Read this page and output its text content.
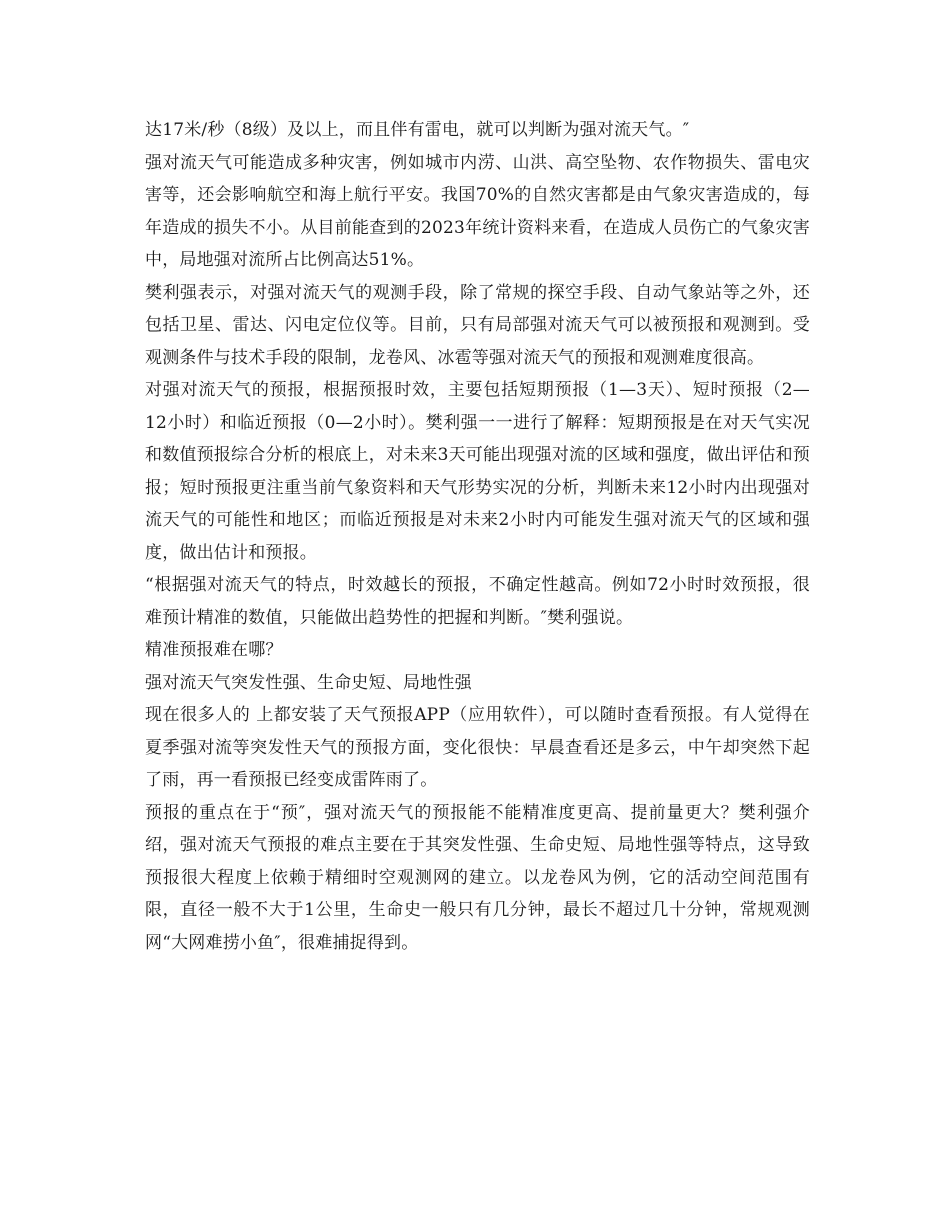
达17米/秒（8级）及以上，而且伴有雷电，就可以判断为强对流天气。″

强对流天气可能造成多种灾害，例如城市内涝、山洪、高空坠物、农作物损失、雷电灾害等，还会影响航空和海上航行平安。我国70%的自然灾害都是由气象灾害造成的，每年造成的损失不小。从目前能查到的2023年统计资料来看，在造成人员伤亡的气象灾害中，局地强对流所占比例高达51%。

樊利强表示，对强对流天气的观测手段，除了常规的探空手段、自动气象站等之外，还包括卫星、雷达、闪电定位仪等。目前，只有局部强对流天气可以被预报和观测到。受观测条件与技术手段的限制，龙卷风、冰雹等强对流天气的预报和观测难度很高。

对强对流天气的预报，根据预报时效，主要包括短期预报（1—3天）、短时预报（2—12小时）和临近预报（0—2小时）。樊利强一一进行了解释：短期预报是在对天气实况和数值预报综合分析的根底上，对未来3天可能出现强对流的区域和强度，做出评估和预报；短时预报更注重当前气象资料和天气形势实况的分析，判断未来12小时内出现强对流天气的可能性和地区；而临近预报是对未来2小时内可能发生强对流天气的区域和强度，做出估计和预报。

“根据强对流天气的特点，时效越长的预报，不确定性越高。例如72小时时效预报，很难预计精准的数值，只能做出趋势性的把握和判断。″樊利强说。

精准预报难在哪？

强对流天气突发性强、生命史短、局地性强

现在很多人的 上都安装了天气预报APP（应用软件），可以随时查看预报。有人觉得在夏季强对流等突发性天气的预报方面，变化很快：早晨查看还是多云，中午却突然下起了雨，再一看预报已经变成雷阵雨了。

预报的重点在于“预″，强对流天气的预报能不能精准度更高、提前量更大？樊利强介绍，强对流天气预报的难点主要在于其突发性强、生命史短、局地性强等特点，这导致预报很大程度上依赖于精细时空观测网的建立。以龙卷风为例，它的活动空间范围有限，直径一般不大于1公里，生命史一般只有几分钟，最长不超过几十分钟，常规观测网“大网难捞小鱼″，很难捕捉得到。
